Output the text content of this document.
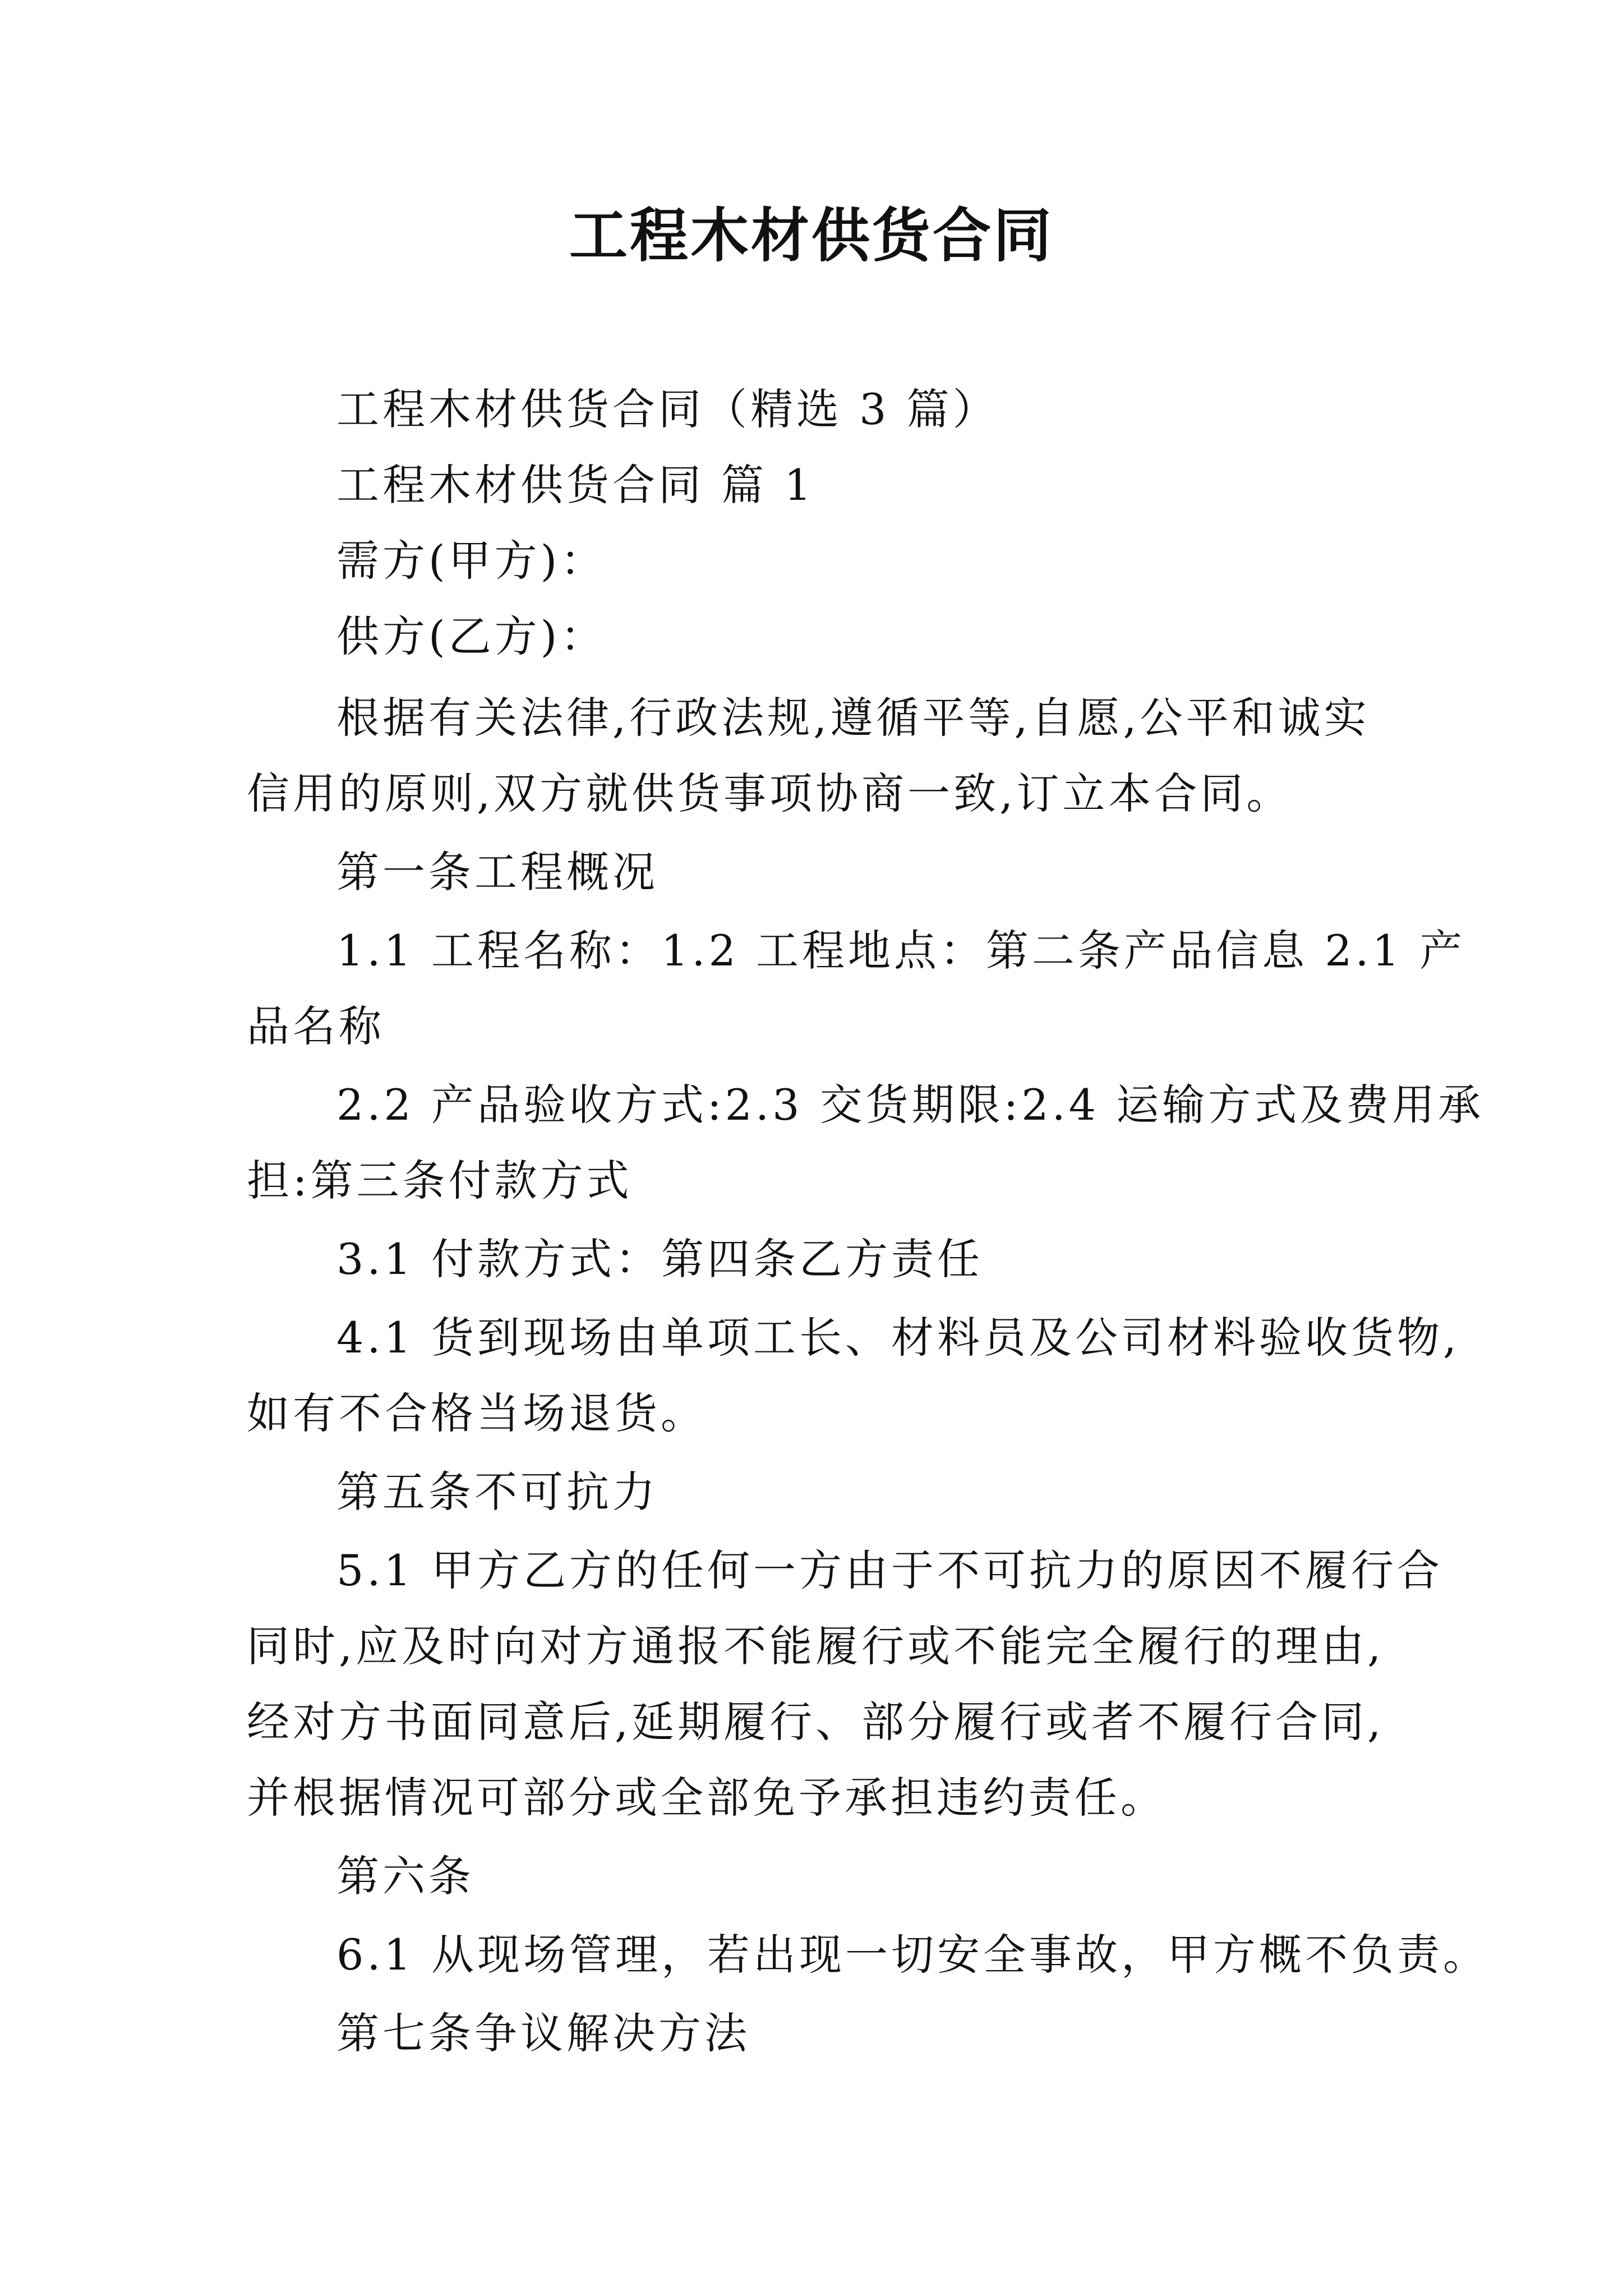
工程木材供货合同
工程木材供货合同（精选 3 篇）
工程木材供货合同 篇 1
需方(甲方)：
供方(乙方)：
根据有关法律,行政法规,遵循平等,自愿,公平和诚实
信用的原则,双方就供货事项协商一致,订立本合同。
第一条工程概况
1.1 工程名称：1.2 工程地点：第二条产品信息 2.1 产
品名称
2.2 产品验收方式:2.3 交货期限:2.4 运输方式及费用承
担:第三条付款方式
3.1 付款方式：第四条乙方责任
4.1 货到现场由单项工长、材料员及公司材料验收货物,
如有不合格当场退货。
第五条不可抗力
5.1 甲方乙方的任何一方由于不可抗力的原因不履行合
同时,应及时向对方通报不能履行或不能完全履行的理由,
经对方书面同意后,延期履行、部分履行或者不履行合同,
并根据情况可部分或全部免予承担违约责任。
第六条
6.1 从现场管理，若出现一切安全事故，甲方概不负责。
第七条争议解决方法
